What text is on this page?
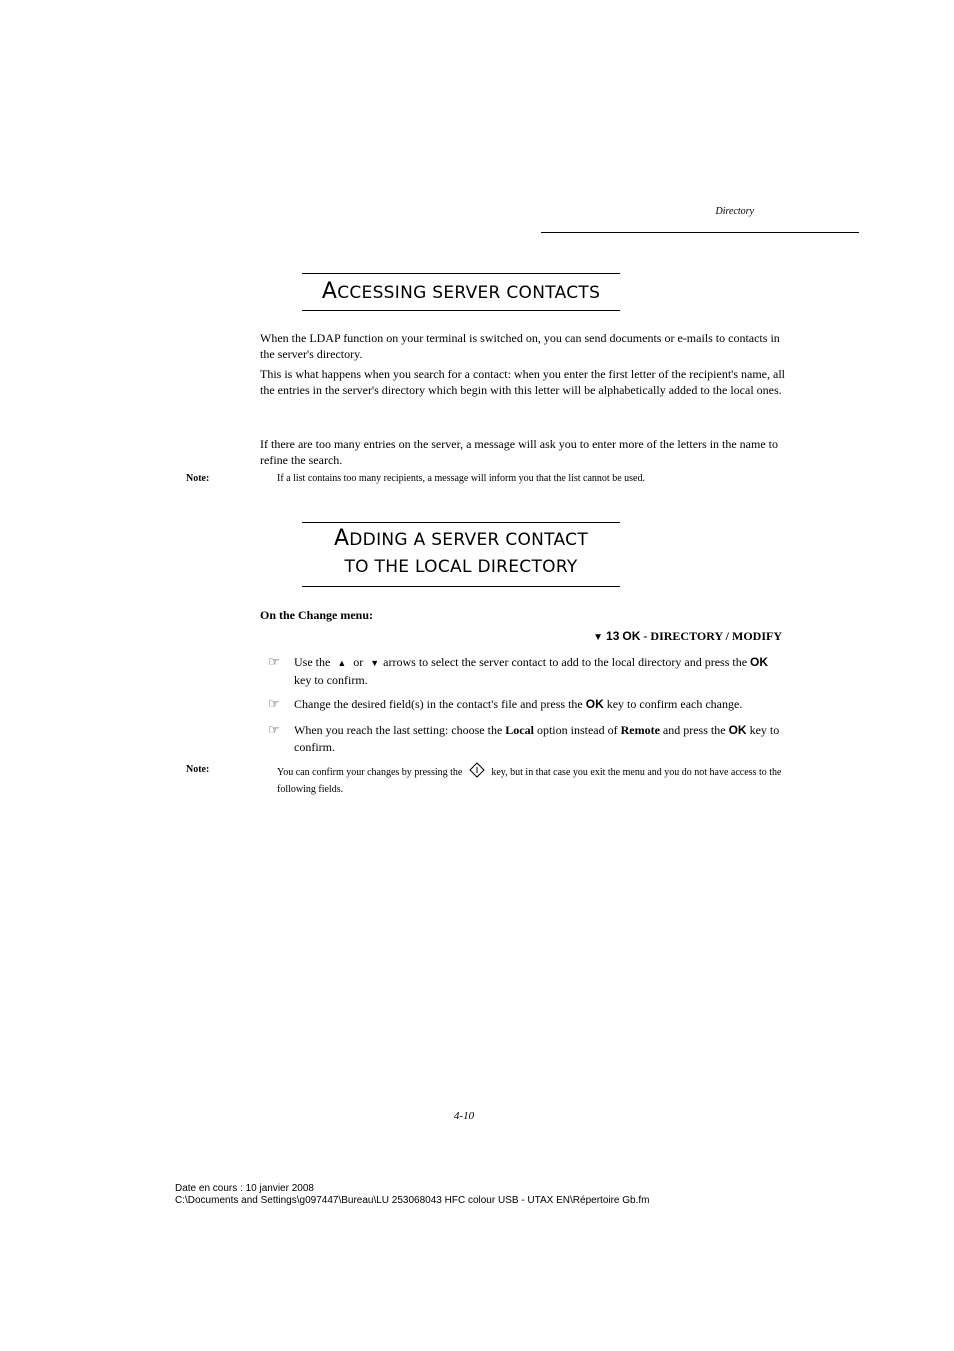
Directory
ACCESSING SERVER CONTACTS
When the LDAP function on your terminal is switched on, you can send documents or e-mails to contacts in the server's directory.
This is what happens when you search for a contact: when you enter the first letter of the recipient's name, all the entries in the server's directory which begin with this letter will be alphabetically added to the local ones.
If there are too many entries on the server, a message will ask you to enter more of the letters in the name to refine the search.
Note:	If a list contains too many recipients, a message will inform you that the list cannot be used.
ADDING A SERVER CONTACT
TO THE LOCAL DIRECTORY
On the Change menu:
▼ 13 OK - DIRECTORY / MODIFY
☞ Use the ▲ or ▼ arrows to select the server contact to add to the local directory and press the OK key to confirm.
☞ Change the desired field(s) in the contact's file and press the OK key to confirm each change.
☞ When you reach the last setting: choose the Local option instead of Remote and press the OK key to confirm.
Note:	You can confirm your changes by pressing the	key, but in that case you exit the menu and you do not have access to the following fields.
4-10
Date en cours : 10 janvier 2008
C:\Documents and Settings\g097447\Bureau\LU 253068043 HFC colour USB - UTAX EN\Répertoire Gb.fm
